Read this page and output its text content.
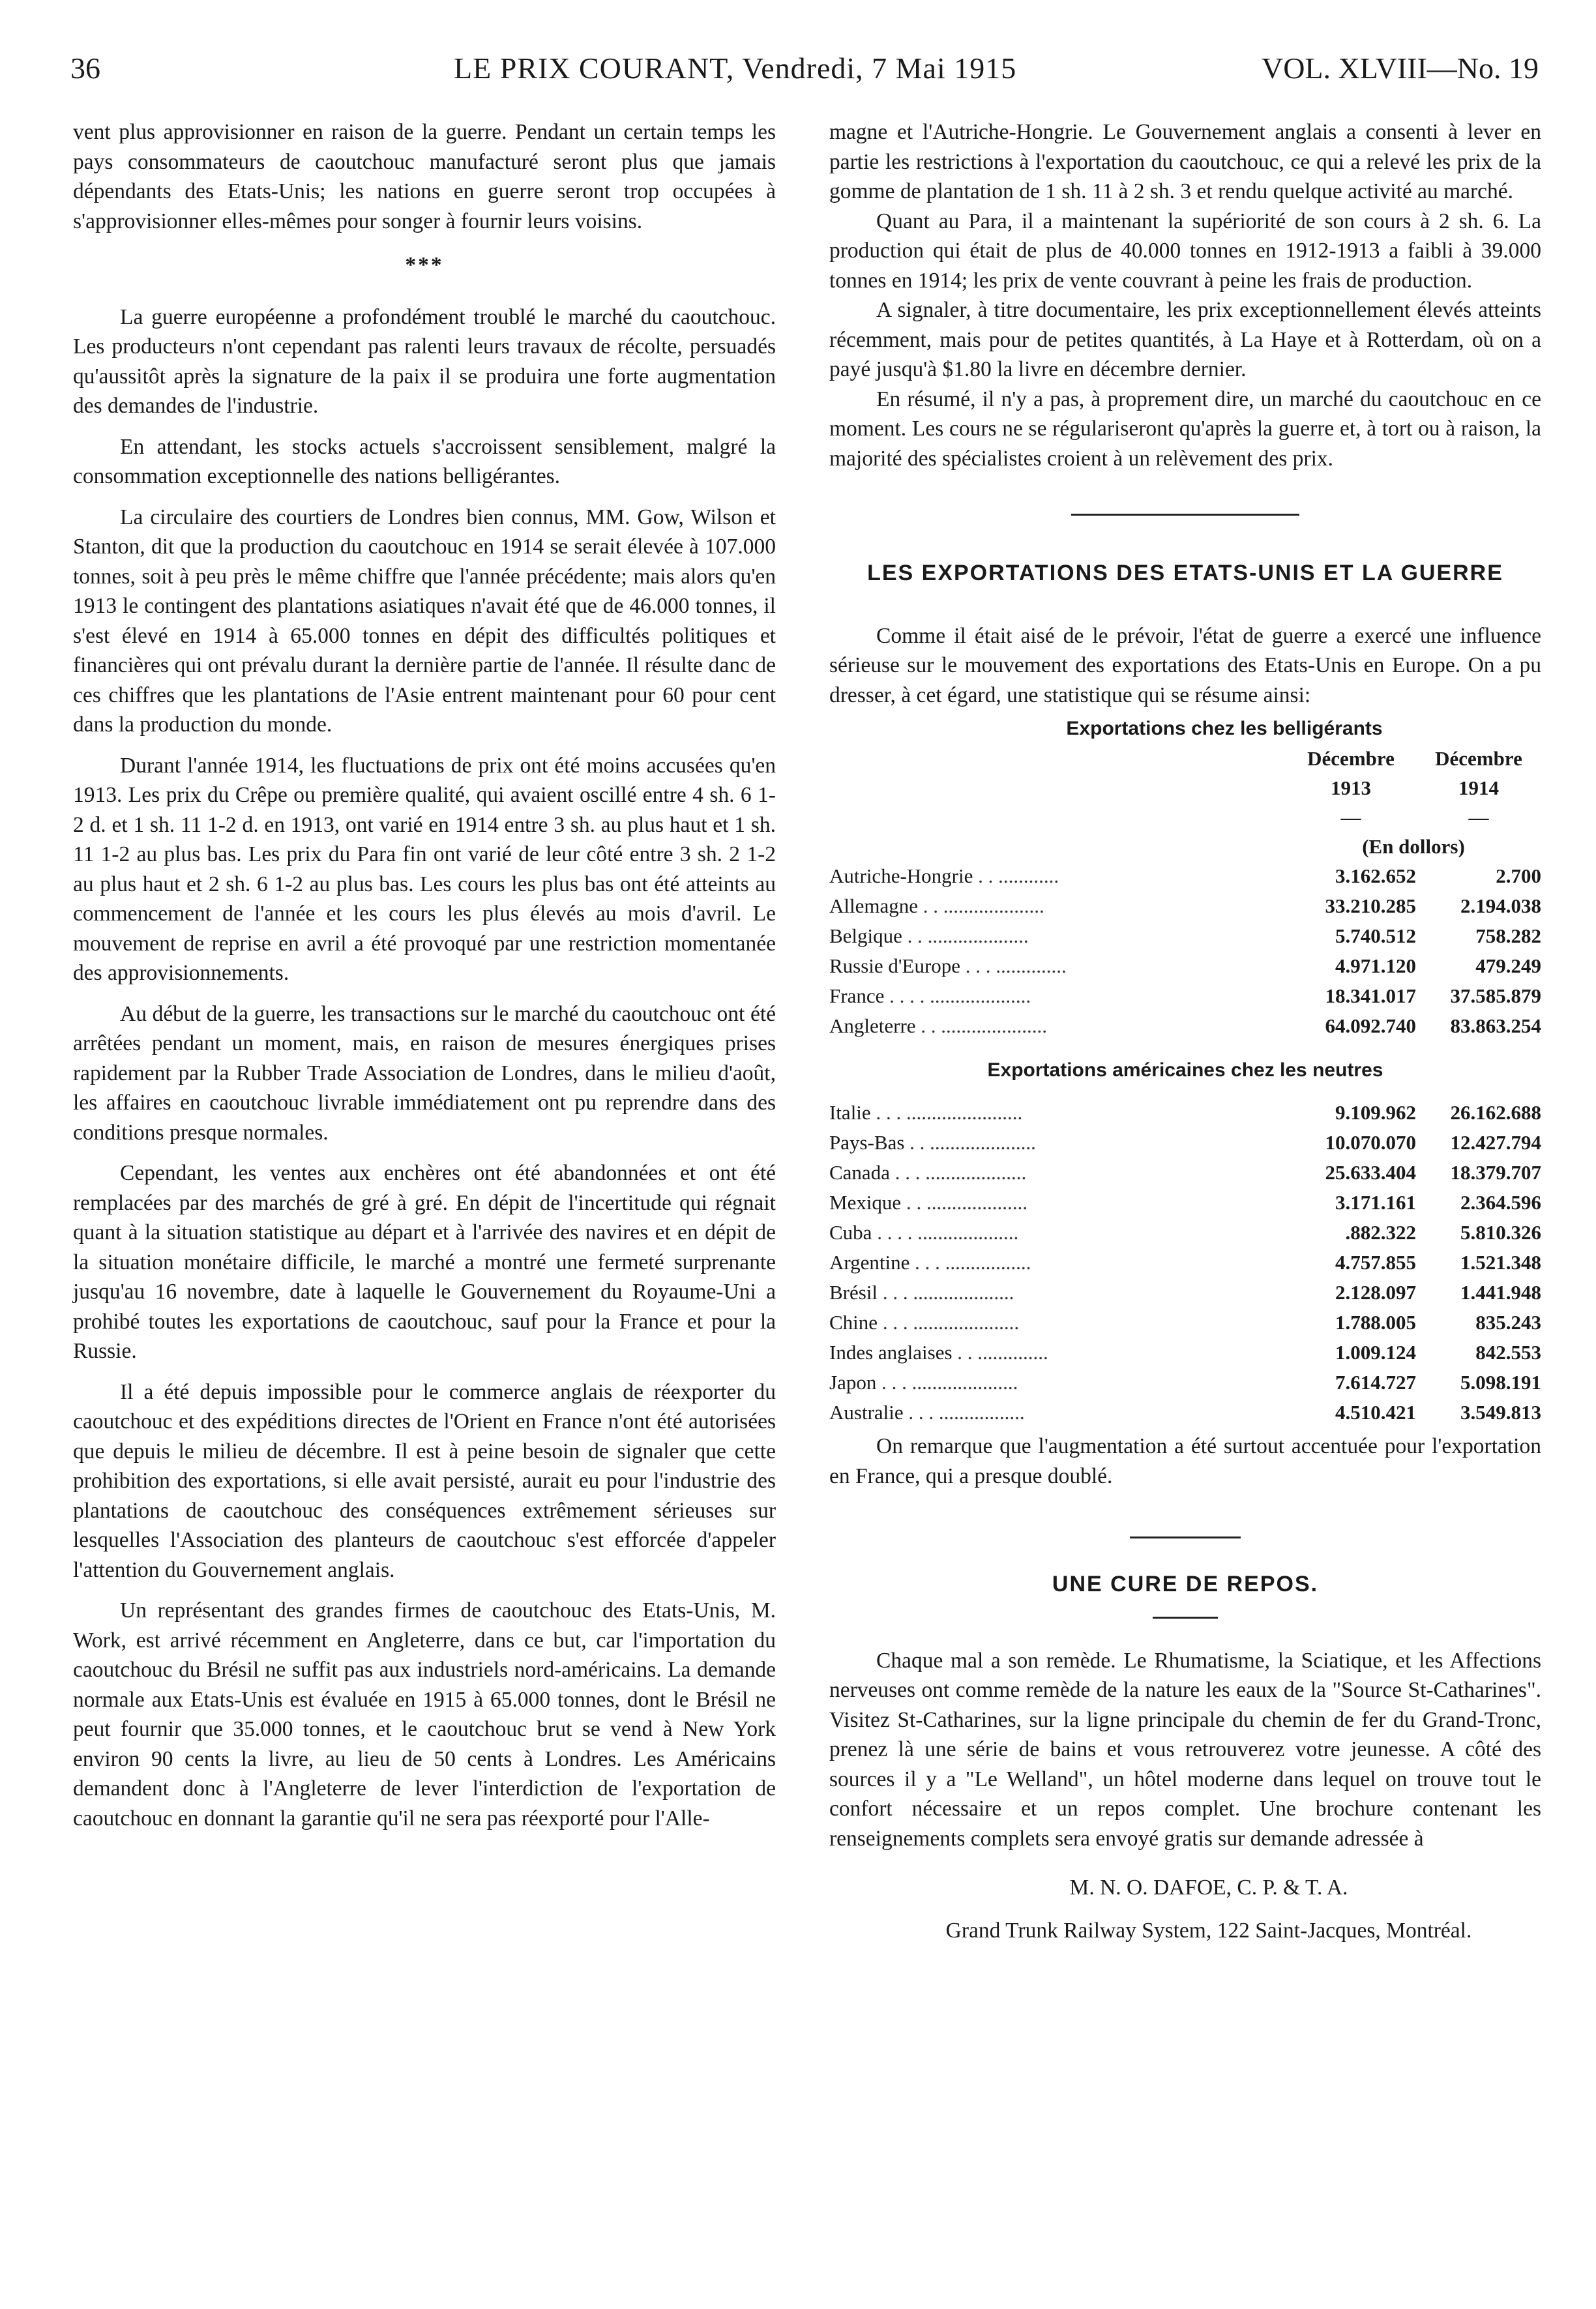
36	LE PRIX COURANT, Vendredi, 7 Mai 1915	VOL. XLVIII—No. 19

vent plus approvisionner en raison de la guerre. Pendant un certain temps les pays consommateurs de caoutchouc manufacturé seront plus que jamais dépendants des Etats-Unis; les nations en guerre seront trop occupées à s'approvisionner elles-mêmes pour songer à fournir leurs voisins.

***

La guerre européenne a profondément troublé le marché du caoutchouc. Les producteurs n'ont cependant pas ralenti leurs travaux de récolte, persuadés qu'aussitôt après la signature de la paix il se produira une forte augmentation des demandes de l'industrie.

En attendant, les stocks actuels s'accroissent sensiblement, malgré la consommation exceptionnelle des nations belligérantes.

La circulaire des courtiers de Londres bien connus, MM. Gow, Wilson et Stanton, dit que la production du caoutchouc en 1914 se serait élevée à 107.000 tonnes, soit à peu près le même chiffre que l'année précédente; mais alors qu'en 1913 le contingent des plantations asiatiques n'avait été que de 46.000 tonnes, il s'est élevé en 1914 à 65.000 tonnes en dépit des difficultés politiques et financières qui ont prévalu durant la dernière partie de l'année. Il résulte danc de ces chiffres que les plantations de l'Asie entrent maintenant pour 60 pour cent dans la production du monde.

Durant l'année 1914, les fluctuations de prix ont été moins accusées qu'en 1913. Les prix du Crêpe ou première qualité, qui avaient oscillé entre 4 sh. 6 1-2 d. et 1 sh. 11 1-2 d. en 1913, ont varié en 1914 entre 3 sh. au plus haut et 1 sh. 11 1-2 au plus bas. Les prix du Para fin ont varié de leur côté entre 3 sh. 2 1-2 au plus haut et 2 sh. 6 1-2 au plus bas. Les cours les plus bas ont été atteints au commencement de l'année et les cours les plus élevés au mois d'avril. Le mouvement de reprise en avril a été provoqué par une restriction momentanée des approvisionnements.

Au début de la guerre, les transactions sur le marché du caoutchouc ont été arrêtées pendant un moment, mais, en raison de mesures énergiques prises rapidement par la Rubber Trade Association de Londres, dans le milieu d'août, les affaires en caoutchouc livrable immédiatement ont pu reprendre dans des conditions presque normales.

Cependant, les ventes aux enchères ont été abandonnées et ont été remplacées par des marchés de gré à gré. En dépit de l'incertitude qui régnait quant à la situation statistique au départ et à l'arrivée des navires et en dépit de la situation monétaire difficile, le marché a montré une fermeté surprenante jusqu'au 16 novembre, date à laquelle le Gouvernement du Royaume-Uni a prohibé toutes les exportations de caoutchouc, sauf pour la France et pour la Russie.

Il a été depuis impossible pour le commerce anglais de réexporter du caoutchouc et des expéditions directes de l'Orient en France n'ont été autorisées que depuis le milieu de décembre. Il est à peine besoin de signaler que cette prohibition des exportations, si elle avait persisté, aurait eu pour l'industrie des plantations de caoutchouc des conséquences extrêmement sérieuses sur lesquelles l'Association des planteurs de caoutchouc s'est efforcée d'appeler l'attention du Gouvernement anglais.

Un représentant des grandes firmes de caoutchouc des Etats-Unis, M. Work, est arrivé récemment en Angleterre, dans ce but, car l'importation du caoutchouc du Brésil ne suffit pas aux industriels nord-américains. La demande normale aux Etats-Unis est évaluée en 1915 à 65.000 tonnes, dont le Brésil ne peut fournir que 35.000 tonnes, et le caoutchouc brut se vend à New York environ 90 cents la livre, au lieu de 50 cents à Londres. Les Américains demandent donc à l'Angleterre de lever l'interdiction de l'exportation de caoutchouc en donnant la garantie qu'il ne sera pas réexporté pour l'Alle-

magne et l'Autriche-Hongrie. Le Gouvernement anglais a consenti à lever en partie les restrictions à l'exportation du caoutchouc, ce qui a relevé les prix de la gomme de plantation de 1 sh. 11 à 2 sh. 3 et rendu quelque activité au marché.

Quant au Para, il a maintenant la supériorité de son cours à 2 sh. 6. La production qui était de plus de 40.000 tonnes en 1912-1913 a faibli à 39.000 tonnes en 1914; les prix de vente couvrant à peine les frais de production.

A signaler, à titre documentaire, les prix exceptionnellement élevés atteints récemment, mais pour de petites quantités, à La Haye et à Rotterdam, où on a payé jusqu'à $1.80 la livre en décembre dernier.

En résumé, il n'y a pas, à proprement dire, un marché du caoutchouc en ce moment. Les cours ne se régulariseront qu'après la guerre et, à tort ou à raison, la majorité des spécialistes croient à un relèvement des prix.

LES EXPORTATIONS DES ETATS-UNIS ET LA GUERRE

Comme il était aisé de le prévoir, l'état de guerre a exercé une influence sérieuse sur le mouvement des exportations des Etats-Unis en Europe. On a pu dresser, à cet égard, une statistique qui se résume ainsi:

Exportations chez les belligérants
	Décembre	Décembre
	1913	1914
	—	—
	(En dollors)	
Autriche-Hongrie . . ............	3.162.652	2.700
Allemagne . . ....................	33.210.285	2.194.038
Belgique . . ....................	5.740.512	758.282
Russie d'Europe . . . ..............	4.971.120	479.249
France . . . . ....................	18.341.017	37.585.879
Angleterre . . .....................	64.092.740	83.863.254
Exportations américaines chez les neutres
Italie . . . .......................	9.109.962	26.162.688
Pays-Bas . . .....................	10.070.070	12.427.794
Canada . . . ....................	25.633.404	18.379.707
Mexique . . ....................	3.171.161	2.364.596
Cuba . . . . ....................	.882.322	5.810.326
Argentine . . . .................	4.757.855	1.521.348
Brésil . . . ....................	2.128.097	1.441.948
Chine . . . .....................	1.788.005	835.243
Indes anglaises . . ..............	1.009.124	842.553
Japon . . . .....................	7.614.727	5.098.191
Australie . . . .................	4.510.421	3.549.813

On remarque que l'augmentation a été surtout accentuée pour l'exportation en France, qui a presque doublé.

UNE CURE DE REPOS.

Chaque mal a son remède. Le Rhumatisme, la Sciatique, et les Affections nerveuses ont comme remède de la nature les eaux de la "Source St-Catharines". Visitez St-Catharines, sur la ligne principale du chemin de fer du Grand-Tronc, prenez là une série de bains et vous retrouverez votre jeunesse. A côté des sources il y a "Le Welland", un hôtel moderne dans lequel on trouve tout le confort nécessaire et un repos complet. Une brochure contenant les renseignements complets sera envoyé gratis sur demande adressée à

M. N. O. DAFOE, C. P. & T. A.

Grand Trunk Railway System, 122 Saint-Jacques, Montréal.
